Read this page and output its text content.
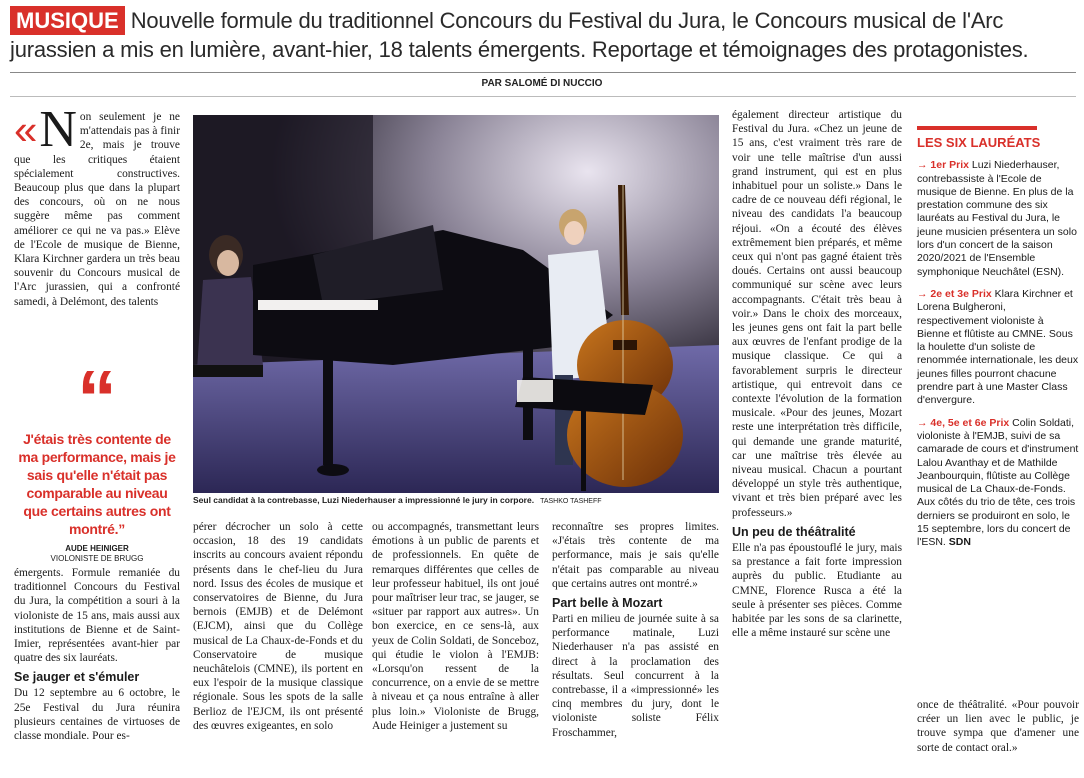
MUSIQUE Nouvelle formule du traditionnel Concours du Festival du Jura, le Concours musical de l'Arc jurassien a mis en lumière, avant-hier, 18 talents émergents. Reportage et témoignages des protagonistes.
PAR SALOMÉ DI NUCCIO
« N on seulement je ne m'attendais pas à finir 2e, mais je trouve que les critiques étaient spécialement constructives. Beaucoup plus que dans la plupart des concours, où on ne nous suggère même pas comment améliorer ce qui ne va pas.» Elève de l'Ecole de musique de Bienne, Klara Kirchner gardera un très beau souvenir du Concours musical de l'Arc jurassien, qui a confronté samedi, à Delémont, des talents
“
J'étais très contente de ma performance, mais je sais qu'elle n'était pas comparable au niveau que certains autres ont montré.”
AUDE HEINIGER
VIOLONISTE DE BRUGG

émergents. Formule remaniée du traditionnel Concours du Festival du Jura, la compétition a souri à la violoniste de 15 ans, mais aussi aux institutions de Bienne et de Saint-Imier, représentées avant-hier par quatre des six lauréats.

Se jauger et s'émuler

Du 12 septembre au 6 octobre, le 25e Festival du Jura réunira plusieurs centaines de virtuoses de classe mondiale. Pour es-

Seul candidat à la contrebasse, Luzi Niederhauser a impressionné le jury in corpore. TASHKO TASHEFF

pérer décrocher un solo à cette occasion, 18 des 19 candidats inscrits au concours avaient répondu présents dans le chef-lieu du Jura nord. Issus des écoles de musique et conservatoires de Bienne, du Jura bernois (EMJB) et de Delémont (EJCM), ainsi que du Collège musical de La Chaux-de-Fonds et du Conservatoire de musique neuchâtelois (CMNE), ils portent en eux l'espoir de la musique classique régionale. Sous les spots de la salle Berlioz de l'EJCM, ils ont présenté des œuvres exigeantes, en solo

ou accompagnés, transmettant leurs émotions à un public de parents et de professionnels. En quête de remarques différentes que celles de leur professeur habituel, ils ont joué pour maîtriser leur trac, se jauger, se «situer par rapport aux autres». Un bon exercice, en ce sens-là, aux yeux de Colin Soldati, de Sonceboz, qui étudie le violon à l'EMJB: «Lorsqu'on ressent de la concurrence, on a envie de se mettre à niveau et ça nous entraîne à aller plus loin.» Violoniste de Brugg, Aude Heiniger a justement su

reconnaître ses propres limites. «J'étais très contente de ma performance, mais je sais qu'elle n'était pas comparable au niveau que certains autres ont montré.»

Part belle à Mozart

Parti en milieu de journée suite à sa performance matinale, Luzi Niederhauser n'a pas assisté en direct à la proclamation des résultats. Seul concurrent à la contrebasse, il a «impressionné» les cinq membres du jury, dont le violoniste soliste Félix Froschammer,

également directeur artistique du Festival du Jura. «Chez un jeune de 15 ans, c'est vraiment très rare de voir une telle maîtrise d'un aussi grand instrument, qui est en plus inhabituel pour un soliste.» Dans le cadre de ce nouveau défi régional, le niveau des candidats l'a beaucoup réjoui. «On a écouté des élèves extrêmement bien préparés, et même ceux qui n'ont pas gagné étaient très doués. Certains ont aussi beaucoup communiqué sur scène avec leurs accompagnants. C'était très beau à voir.» Dans le choix des morceaux, les jeunes gens ont fait la part belle aux œuvres de l'enfant prodige de la musique classique. Ce qui a favorablement surpris le directeur artistique, qui entrevoit dans ce contexte l'évolution de la formation musicale. «Pour des jeunes, Mozart reste une interprétation très difficile, qui demande une grande maturité, car une maîtrise très élevée au niveau musical. Chacun a pourtant développé un style très authentique, vivant et très bien préparé avec les professeurs.»

Un peu de théâtralité

Elle n'a pas époustouflé le jury, mais sa prestance a fait forte impression auprès du public. Etudiante au CMNE, Florence Rusca a été la seule à présenter ses pièces. Comme habitée par les sons de sa clarinette, elle a même instauré sur scène une

LES SIX LAURÉATS
→ 1er Prix Luzi Niederhauser, contrebassiste à l'Ecole de musique de Bienne. En plus de la prestation commune des six lauréats au Festival du Jura, le jeune musicien présentera un solo lors d'un concert de la saison 2020/2021 de l'Ensemble symphonique Neuchâtel (ESN).
→ 2e et 3e Prix Klara Kirchner et Lorena Bulgheroni, respectivement violoniste à Bienne et flûtiste au CMNE. Sous la houlette d'un soliste de renommée internationale, les deux jeunes filles pourront chacune prendre part à une Master Class d'envergure.
→ 4e, 5e et 6e Prix Colin Soldati, violoniste à l'EMJB, suivi de sa camarade de cours et d'instrument Lalou Avanthay et de Mathilde Jeanbourquin, flûtiste au Collège musical de La Chaux-de-Fonds. Aux côtés du trio de tête, ces trois derniers se produiront en solo, le 15 septembre, lors du concert de l'ESN. SDN

once de théâtralité. «Pour pouvoir créer un lien avec le public, je trouve sympa que d'amener une sorte de contact oral.»
